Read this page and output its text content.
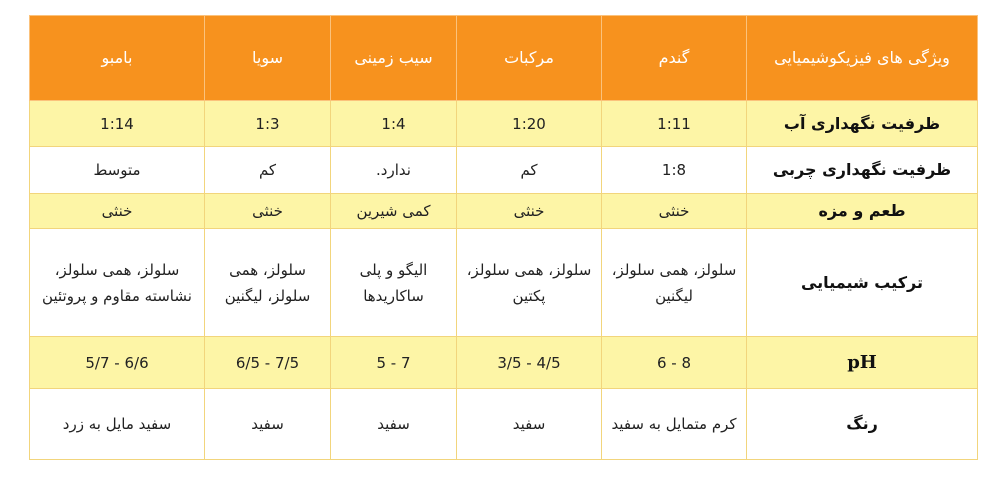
ویژگی های فیزیکوشیمیایی	گندم	مرکبات	سیب زمینی	سویا	بامبو
ظرفیت نگهداری آب	1:11	1:20	1:4	1:3	1:14
ظرفیت نگهداری چربی	1:8	کم	ندارد.	کم	متوسط
طعم و مزه	خنثی	خنثی	کمی شیرین	خنثی	خنثی
ترکیب شیمیایی	سلولز، همی سلولز، لیگنین	سلولز، همی سلولز، پکتین	الیگو و پلی ساکاریدها	سلولز، همی سلولز، لیگنین	سلولز، همی سلولز، نشاسته مقاوم و پروتئین
pH	8 - 6	4/5 - 3/5	7 - 5	7/5 - 6/5	6/6 - 5/7
رنگ	کرم متمایل به سفید	سفید	سفید	سفید	سفید مایل به زرد
